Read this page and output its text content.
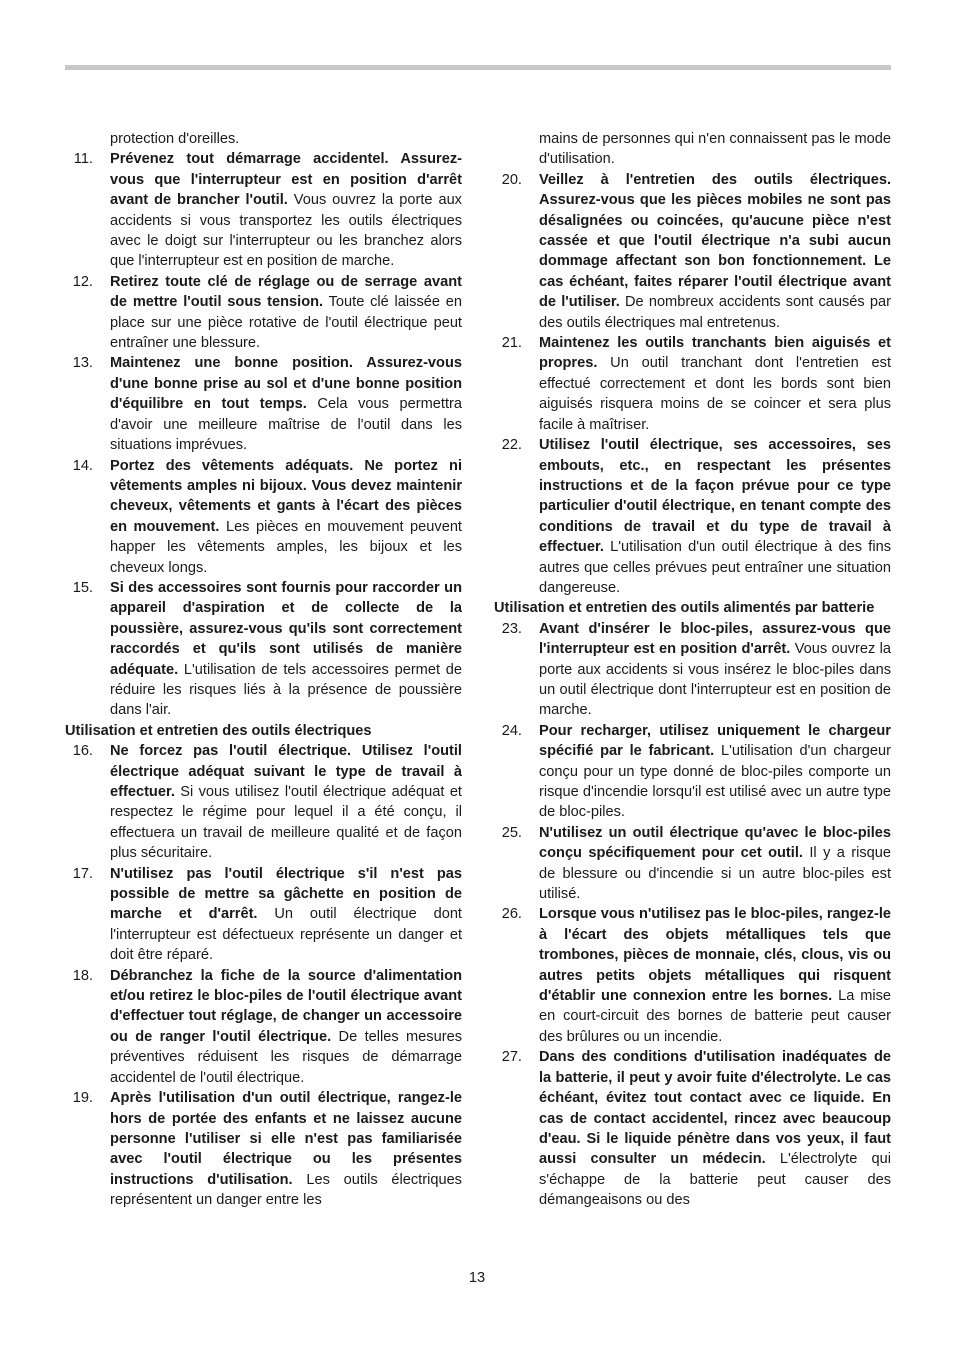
protection d'oreilles.
11. Prévenez tout démarrage accidentel. Assurez-vous que l'interrupteur est en position d'arrêt avant de brancher l'outil. Vous ouvrez la porte aux accidents si vous transportez les outils électriques avec le doigt sur l'interrupteur ou les branchez alors que l'interrupteur est en position de marche.
12. Retirez toute clé de réglage ou de serrage avant de mettre l'outil sous tension. Toute clé laissée en place sur une pièce rotative de l'outil électrique peut entraîner une blessure.
13. Maintenez une bonne position. Assurez-vous d'une bonne prise au sol et d'une bonne position d'équilibre en tout temps. Cela vous permettra d'avoir une meilleure maîtrise de l'outil dans les situations imprévues.
14. Portez des vêtements adéquats. Ne portez ni vêtements amples ni bijoux. Vous devez maintenir cheveux, vêtements et gants à l'écart des pièces en mouvement. Les pièces en mouvement peuvent happer les vêtements amples, les bijoux et les cheveux longs.
15. Si des accessoires sont fournis pour raccorder un appareil d'aspiration et de collecte de la poussière, assurez-vous qu'ils sont correctement raccordés et qu'ils sont utilisés de manière adéquate. L'utilisation de tels accessoires permet de réduire les risques liés à la présence de poussière dans l'air.
Utilisation et entretien des outils électriques
16. Ne forcez pas l'outil électrique. Utilisez l'outil électrique adéquat suivant le type de travail à effectuer. Si vous utilisez l'outil électrique adéquat et respectez le régime pour lequel il a été conçu, il effectuera un travail de meilleure qualité et de façon plus sécuritaire.
17. N'utilisez pas l'outil électrique s'il n'est pas possible de mettre sa gâchette en position de marche et d'arrêt. Un outil électrique dont l'interrupteur est défectueux représente un danger et doit être réparé.
18. Débranchez la fiche de la source d'alimentation et/ou retirez le bloc-piles de l'outil électrique avant d'effectuer tout réglage, de changer un accessoire ou de ranger l'outil électrique. De telles mesures préventives réduisent les risques de démarrage accidentel de l'outil électrique.
19. Après l'utilisation d'un outil électrique, rangez-le hors de portée des enfants et ne laissez aucune personne l'utiliser si elle n'est pas familiarisée avec l'outil électrique ou les présentes instructions d'utilisation. Les outils électriques représentent un danger entre les
mains de personnes qui n'en connaissent pas le mode d'utilisation.
20. Veillez à l'entretien des outils électriques. Assurez-vous que les pièces mobiles ne sont pas désalignées ou coincées, qu'aucune pièce n'est cassée et que l'outil électrique n'a subi aucun dommage affectant son bon fonctionnement. Le cas échéant, faites réparer l'outil électrique avant de l'utiliser. De nombreux accidents sont causés par des outils électriques mal entretenus.
21. Maintenez les outils tranchants bien aiguisés et propres. Un outil tranchant dont l'entretien est effectué correctement et dont les bords sont bien aiguisés risquera moins de se coincer et sera plus facile à maîtriser.
22. Utilisez l'outil électrique, ses accessoires, ses embouts, etc., en respectant les présentes instructions et de la façon prévue pour ce type particulier d'outil électrique, en tenant compte des conditions de travail et du type de travail à effectuer. L'utilisation d'un outil électrique à des fins autres que celles prévues peut entraîner une situation dangereuse.
Utilisation et entretien des outils alimentés par batterie
23. Avant d'insérer le bloc-piles, assurez-vous que l'interrupteur est en position d'arrêt. Vous ouvrez la porte aux accidents si vous insérez le bloc-piles dans un outil électrique dont l'interrupteur est en position de marche.
24. Pour recharger, utilisez uniquement le chargeur spécifié par le fabricant. L'utilisation d'un chargeur conçu pour un type donné de bloc-piles comporte un risque d'incendie lorsqu'il est utilisé avec un autre type de bloc-piles.
25. N'utilisez un outil électrique qu'avec le bloc-piles conçu spécifiquement pour cet outil. Il y a risque de blessure ou d'incendie si un autre bloc-piles est utilisé.
26. Lorsque vous n'utilisez pas le bloc-piles, rangez-le à l'écart des objets métalliques tels que trombones, pièces de monnaie, clés, clous, vis ou autres petits objets métalliques qui risquent d'établir une connexion entre les bornes. La mise en court-circuit des bornes de batterie peut causer des brûlures ou un incendie.
27. Dans des conditions d'utilisation inadéquates de la batterie, il peut y avoir fuite d'électrolyte. Le cas échéant, évitez tout contact avec ce liquide. En cas de contact accidentel, rincez avec beaucoup d'eau. Si le liquide pénètre dans vos yeux, il faut aussi consulter un médecin. L'électrolyte qui s'échappe de la batterie peut causer des démangeaisons ou des
13
